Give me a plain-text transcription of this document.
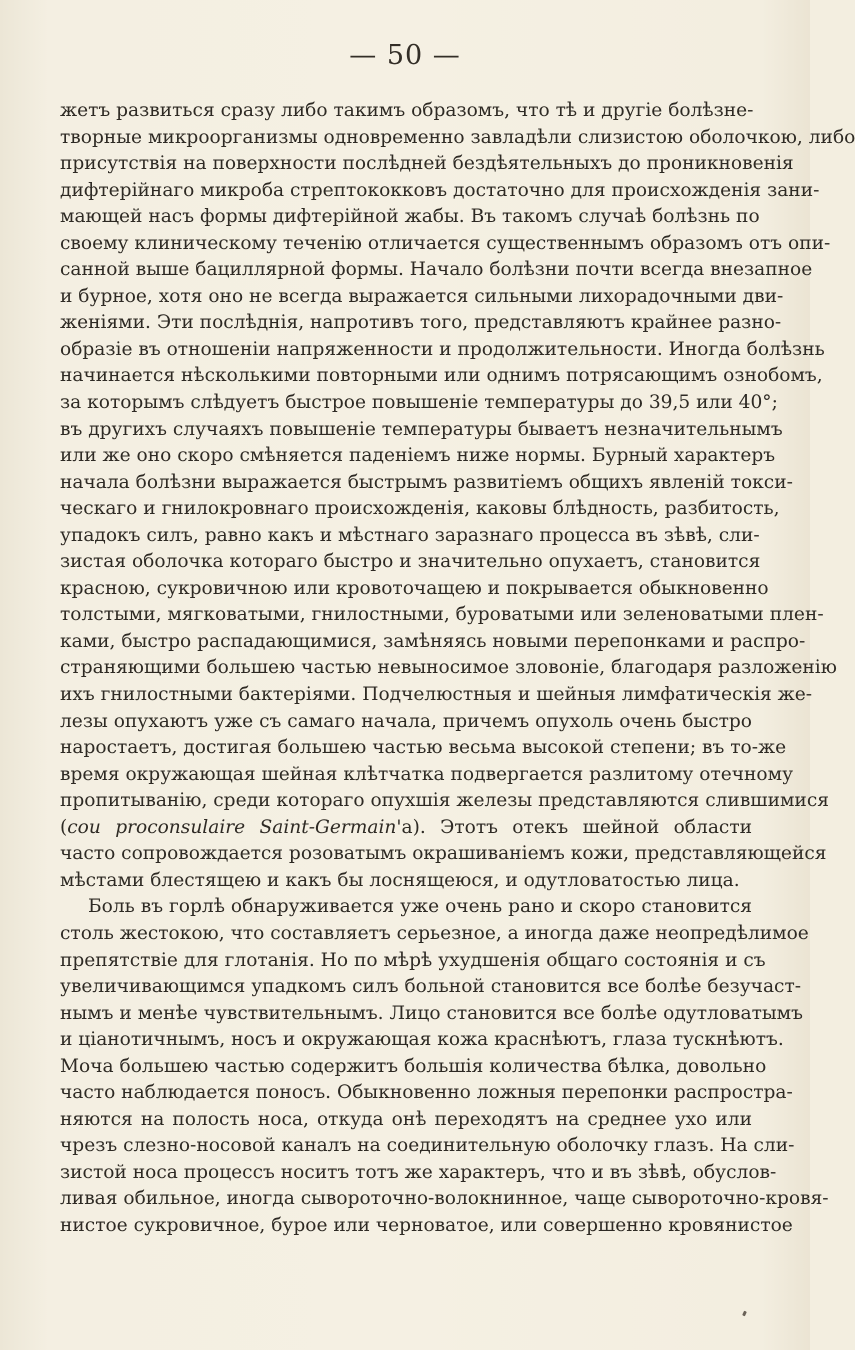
— 50 —
жетъ развиться сразу либо такимъ образомъ, что тѣ и другіе болѣзне-
творные микроорганизмы одновременно завладѣли слизистою оболочкою, либо
присутствія на поверхности послѣдней бездѣятельныхъ до проникновенія
дифтерійнаго микроба стрептококковъ достаточно для происхожденія зани-
мающей насъ формы дифтерійной жабы. Въ такомъ случаѣ болѣзнь по
своему клиническому теченію отличается существеннымъ образомъ отъ опи-
санной выше бациллярной формы. Начало болѣзни почти всегда внезапное
и бурное, хотя оно не всегда выражается сильными лихорадочными дви-
женіями. Эти послѣднія, напротивъ того, представляютъ крайнее разно-
образіе въ отношеніи напряженности и продолжительности. Иногда болѣзнь
начинается нѣсколькими повторными или однимъ потрясающимъ ознобомъ,
за которымъ слѣдуетъ быстрое повышеніе температуры до 39,5 или 40°;
въ другихъ случаяхъ повышеніе температуры бываетъ незначительнымъ
или же оно скоро смѣняется паденіемъ ниже нормы. Бурный характеръ
начала болѣзни выражается быстрымъ развитіемъ общихъ явленій токси-
ческаго и гнилокровнаго происхожденія, каковы блѣдность, разбитость,
упадокъ силъ, равно какъ и мѣстнаго заразнаго процесса въ зѣвѣ, сли-
зистая оболочка котораго быстро и значительно опухаетъ, становится
красною, сукровичною или кровоточащею и покрывается обыкновенно
толстыми, мягковатыми, гнилостными, буроватыми или зеленоватыми плен-
ками, быстро распадающимися, замѣняясь новыми перепонками и распро-
страняющими большею частью невыносимое зловоніе, благодаря разложенію
ихъ гнилостными бактеріями. Подчелюстныя и шейныя лимфатическія же-
лезы опухаютъ уже съ самаго начала, причемъ опухоль очень быстро
наростаетъ, достигая большею частью весьма высокой степени; въ то-же
время окружающая шейная клѣтчатка подвергается разлитому отечному
пропитыванію, среди котораго опухшія железы представляются слившимися
(cou proconsulaire Saint-Germain'а). Этотъ отекъ шейной области
часто сопровождается розоватымъ окрашиваніемъ кожи, представляющейся
мѣстами блестящею и какъ бы лоснящеюся, и одутловатостью лица.
Боль въ горлѣ обнаруживается уже очень рано и скоро становится
столь жестокою, что составляетъ серьезное, а иногда даже неопредѣлимое
препятствіе для глотанія. Но по мѣрѣ ухудшенія общаго состоянія и съ
увеличивающимся упадкомъ силъ больной становится все болѣе безучаст-
нымъ и менѣе чувствительнымъ. Лицо становится все болѣе одутловатымъ
и ціанотичнымъ, носъ и окружающая кожа краснѣютъ, глаза тускнѣютъ.
Моча большею частью содержитъ большія количества бѣлка, довольно
часто наблюдается поносъ. Обыкновенно ложныя перепонки распростра-
няются на полость носа, откуда онѣ переходятъ на среднее ухо или
чрезъ слезно-носовой каналъ на соединительную оболочку глазъ. На сли-
зистой носа процессъ носитъ тотъ же характеръ, что и въ зѣвѣ, обуслов-
ливая обильное, иногда сывороточно-волокнинное, чаще сывороточно-кровя-
нистое сукровичное, бурое или черноватое, или совершенно кровянистое
